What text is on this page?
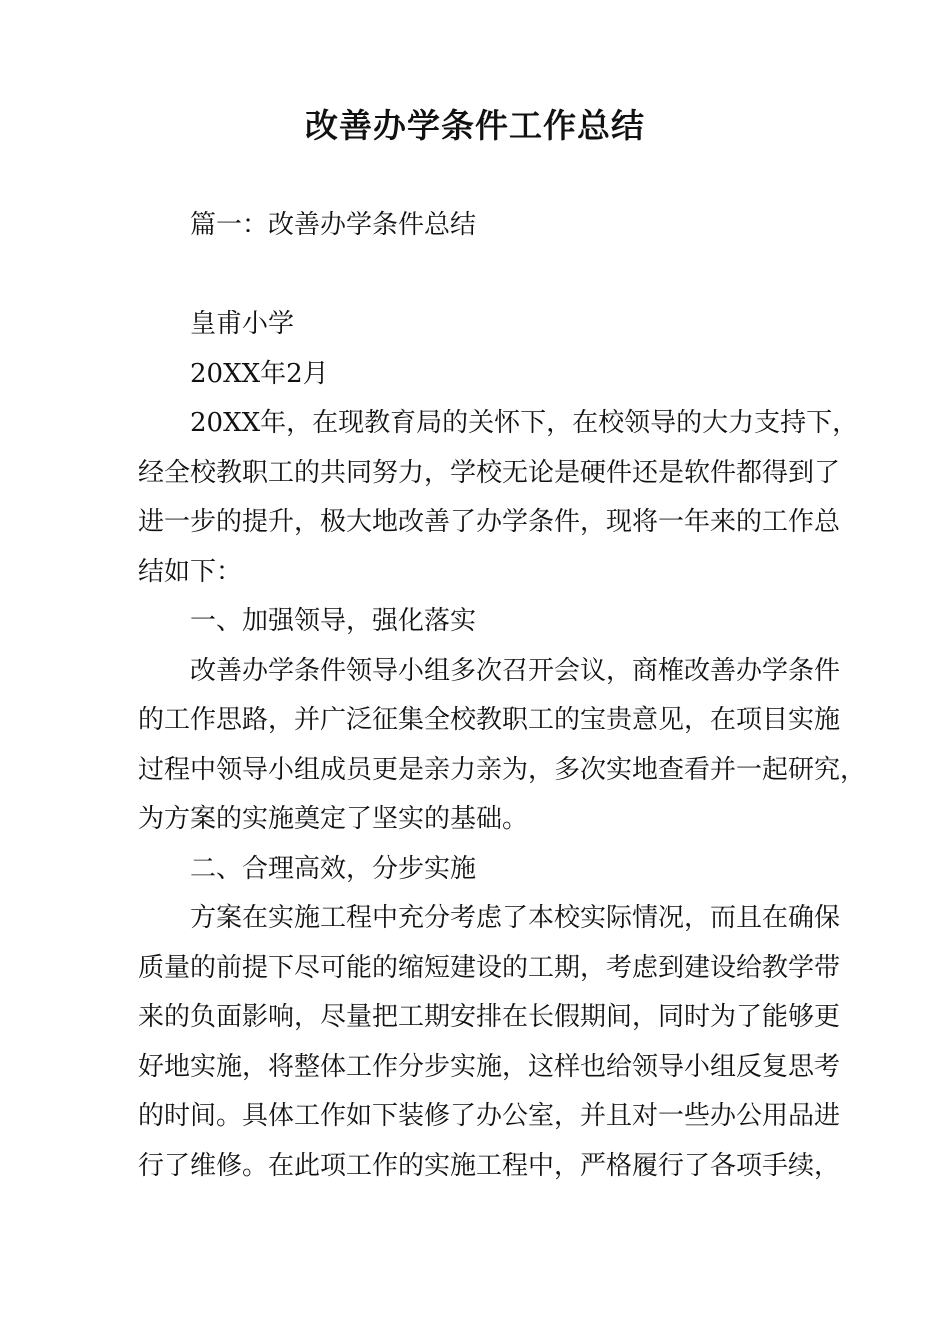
改善办学条件工作总结
篇一：改善办学条件总结
皇甫小学
20XX年2月
20XX年，在现教育局的关怀下，在校领导的大力支持下，
经全校教职工的共同努力，学校无论是硬件还是软件都得到了
进一步的提升，极大地改善了办学条件，现将一年来的工作总
结如下：
一、加强领导，强化落实
改善办学条件领导小组多次召开会议，商榷改善办学条件
的工作思路，并广泛征集全校教职工的宝贵意见，在项目实施
过程中领导小组成员更是亲力亲为，多次实地查看并一起研究，
为方案的实施奠定了坚实的基础。
二、合理高效，分步实施
方案在实施工程中充分考虑了本校实际情况，而且在确保
质量的前提下尽可能的缩短建设的工期，考虑到建设给教学带
来的负面影响，尽量把工期安排在长假期间，同时为了能够更
好地实施，将整体工作分步实施，这样也给领导小组反复思考
的时间。具体工作如下装修了办公室，并且对一些办公用品进
行了维修。在此项工作的实施工程中，严格履行了各项手续，
